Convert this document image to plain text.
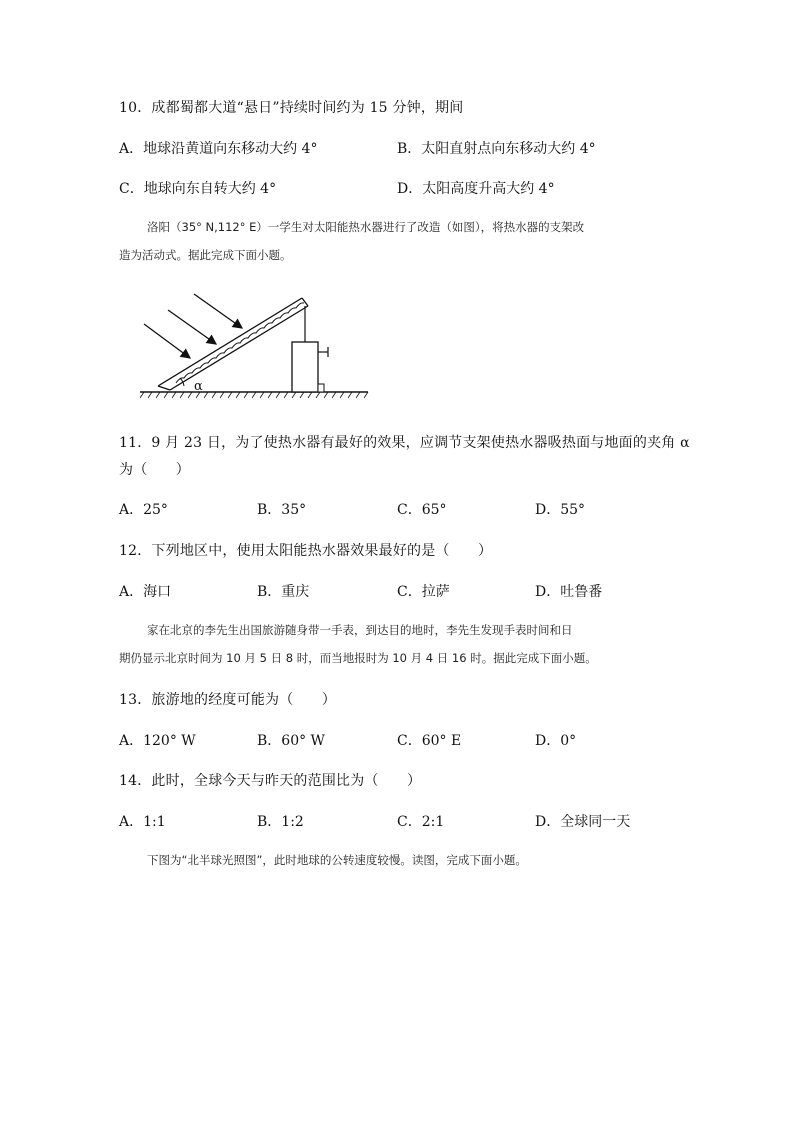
10．成都蜀都大道“悬日”持续时间约为 15 分钟，期间
A．地球沿黄道向东移动大约 4°	B．太阳直射点向东移动大约 4°
C．地球向东自转大约 4°	D．太阳高度升高大约 4°
洛阳（35° N,112° E）一学生对太阳能热水器进行了改造（如图），将热水器的支架改
造为活动式。据此完成下面小题。
α
11．9 月 23 日，为了使热水器有最好的效果，应调节支架使热水器吸热面与地面的夹角 α
为（　　）
A．25°	B．35°	C．65°	D．55°
12．下列地区中，使用太阳能热水器效果最好的是（　　）
A．海口	B．重庆	C．拉萨	D．吐鲁番
家在北京的李先生出国旅游随身带一手表，到达目的地时，李先生发现手表时间和日
期仍显示北京时间为 10 月 5 日 8 时，而当地报时为 10 月 4 日 16 时。据此完成下面小题。
13．旅游地的经度可能为（　　）
A．120° W	B．60° W	C．60° E	D．0°
14．此时，全球今天与昨天的范围比为（　　）
A．1:1	B．1:2	C．2:1	D．全球同一天
下图为“北半球光照图”，此时地球的公转速度较慢。读图，完成下面小题。
